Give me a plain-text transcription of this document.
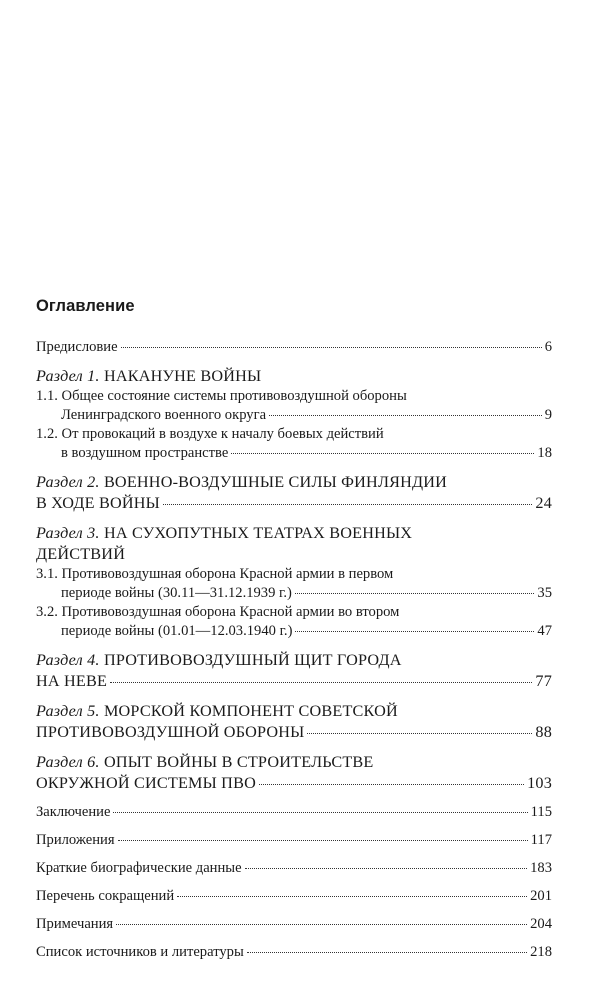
Оглавление
Предисловие	6
Раздел 1. НАКАНУНЕ ВОЙНЫ
1.1. Общее состояние системы противовоздушной обороны
Ленинградского военного округа	9
1.2. От провокаций в воздухе к началу боевых действий
в воздушном пространстве	18
Раздел 2. ВОЕННО-ВОЗДУШНЫЕ СИЛЫ ФИНЛЯНДИИ
В ХОДЕ ВОЙНЫ	24
Раздел 3. НА СУХОПУТНЫХ ТЕАТРАХ ВОЕННЫХ
ДЕЙСТВИЙ
3.1. Противовоздушная оборона Красной армии в первом
периоде войны (30.11—31.12.1939 г.)	35
3.2. Противовоздушная оборона Красной армии во втором
периоде войны (01.01—12.03.1940 г.)	47
Раздел 4. ПРОТИВОВОЗДУШНЫЙ ЩИТ ГОРОДА
НА НЕВЕ	77
Раздел 5. МОРСКОЙ КОМПОНЕНТ СОВЕТСКОЙ
ПРОТИВОВОЗДУШНОЙ ОБОРОНЫ	88
Раздел 6. ОПЫТ ВОЙНЫ В СТРОИТЕЛЬСТВЕ
ОКРУЖНОЙ СИСТЕМЫ ПВО	103
Заключение	115
Приложения	117
Краткие биографические данные	183
Перечень сокращений	201
Примечания	204
Список источников и литературы	218
